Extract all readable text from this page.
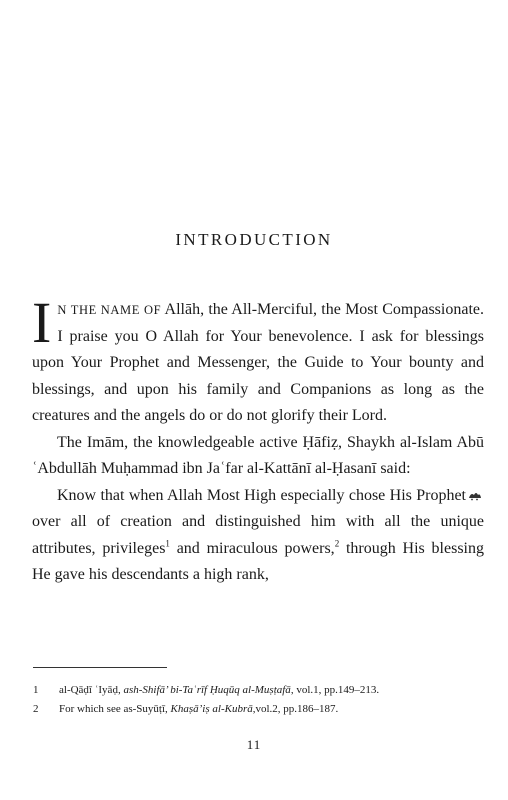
INTRODUCTION

IN THE NAME OF Allāh, the All-Merciful, the Most Compassionate. I praise you O Allah for Your benevolence. I ask for blessings upon Your Prophet and Messenger, the Guide to Your bounty and blessings, and upon his family and Companions as long as the creatures and the angels do or do not glorify their Lord.

The Imām, the knowledgeable active Ḥāfiẓ, Shaykh al-Islam Abū ʿAbdullāh Muḥammad ibn Jaʿfar al-Kattānī al-Ḥasanī said:

Know that when Allah Most High especially chose His Prophet over all of creation and distinguished him with all the unique attributes, privileges$^1$ and miraculous powers,$^2$ through His blessing He gave his descendants a high rank,

1	al-Qāḍī ʿIyāḍ, ash-Shifā’ bi-Taʿrīf Ḥuqūq al-Muṣṭafā, vol.1, pp.149–213.
2	For which see as-Suyūṭī, Khaṣā’iṣ al-Kubrā,vol.2, pp.186–187.
11
